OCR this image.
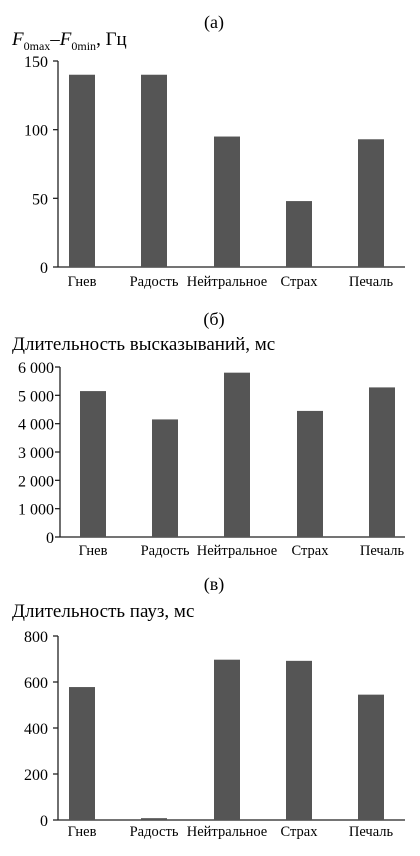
(а)
$F_{0max}-F_{0min}$, Гц
0
50
100
150
Гнев Радость Нейтральное Страх Печаль
(б)
Длительность высказываний, мс
0
1 000
2 000
3 000
4 000
5 000
6 000
Гнев Радость Нейтральное Страх Печаль
(в)
Длительность пауз, мс
0
200
400
600
800
Гнев Радость Нейтральное Страх Печаль
